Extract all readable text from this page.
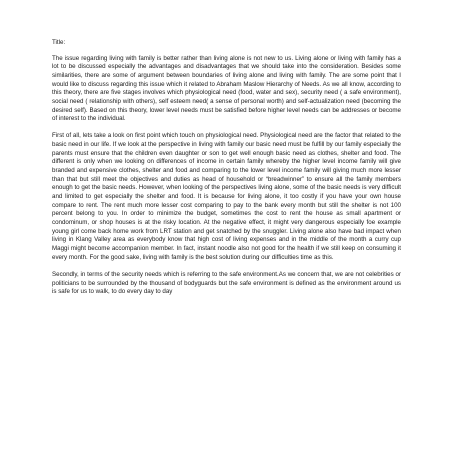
Title:

The issue regarding living with family is better rather than living alone is not new to us. Living alone or living with family has a lot to be discussed especially the advantages and disadvantages that we should take into the consideration. Besides some similarities, there are some of argument between boundaries of living alone and living with family. The are some point that I would like to discuss regarding this issue which it related to Abraham Maslow Hierarchy of Needs. As we all know, according to this theory, there are five stages involves which physiological need (food, water and sex), security need ( a safe environment), social need ( relationship with others), self esteem need( a sense of personal worth) and self-actualization need (becoming the desired self). Based on this theory, lower level needs must be satisfied before higher level needs can be addresses or become of interest to the individual.

First of all, lets take a look on first point which touch on physiological need. Physiological need are the factor that related to the basic need in our life. If we look at the perspective in living with family our basic need must be fulfill by our family especially the parents must ensure that the children even daughter or son to get well enough basic need as clothes, shelter and food. The different is only when we looking on differences of income in certain family whereby the higher level income family will give branded and expensive clothes, shelter and food and comparing to the lower level income family will giving much more lesser than that but still meet the objectives and duties as head of household or “breadwinner” to ensure all the family members enough to get the basic needs. However, when looking of the perspectives living alone, some of the basic needs is very difficult and limited to get especially the shelter and food. It is because for living alone, it too costly if you have your own house compare to rent. The rent much more lesser cost comparing to pay to the bank every month but still the shelter is not 100 percent belong to you. In order to minimize the budget, sometimes the cost to rent the house as small apartment or condominum, or shop houses is at the risky location. At the negative effect, it might very dangerous especially foe example young girl come back home work from LRT station and get snatched by the snuggler. Living alone also have bad impact when living in Klang Valley area as everybody know that high cost of living expenses and in the middle of the month a curry cup Maggi might become accompanion member. In fact, instant noodle also not good for the health if we still keep on consuming it every month. For the good sake, living with family is the best solution during our difficulties time as this.

Secondly, in terms of the security needs which is referring to the safe environment.As we concern that, we are not celebrities or politicians to be surrounded by the thousand of bodyguards but the safe environment is defined as the environment around us is safe for us to walk, to do every day to day
